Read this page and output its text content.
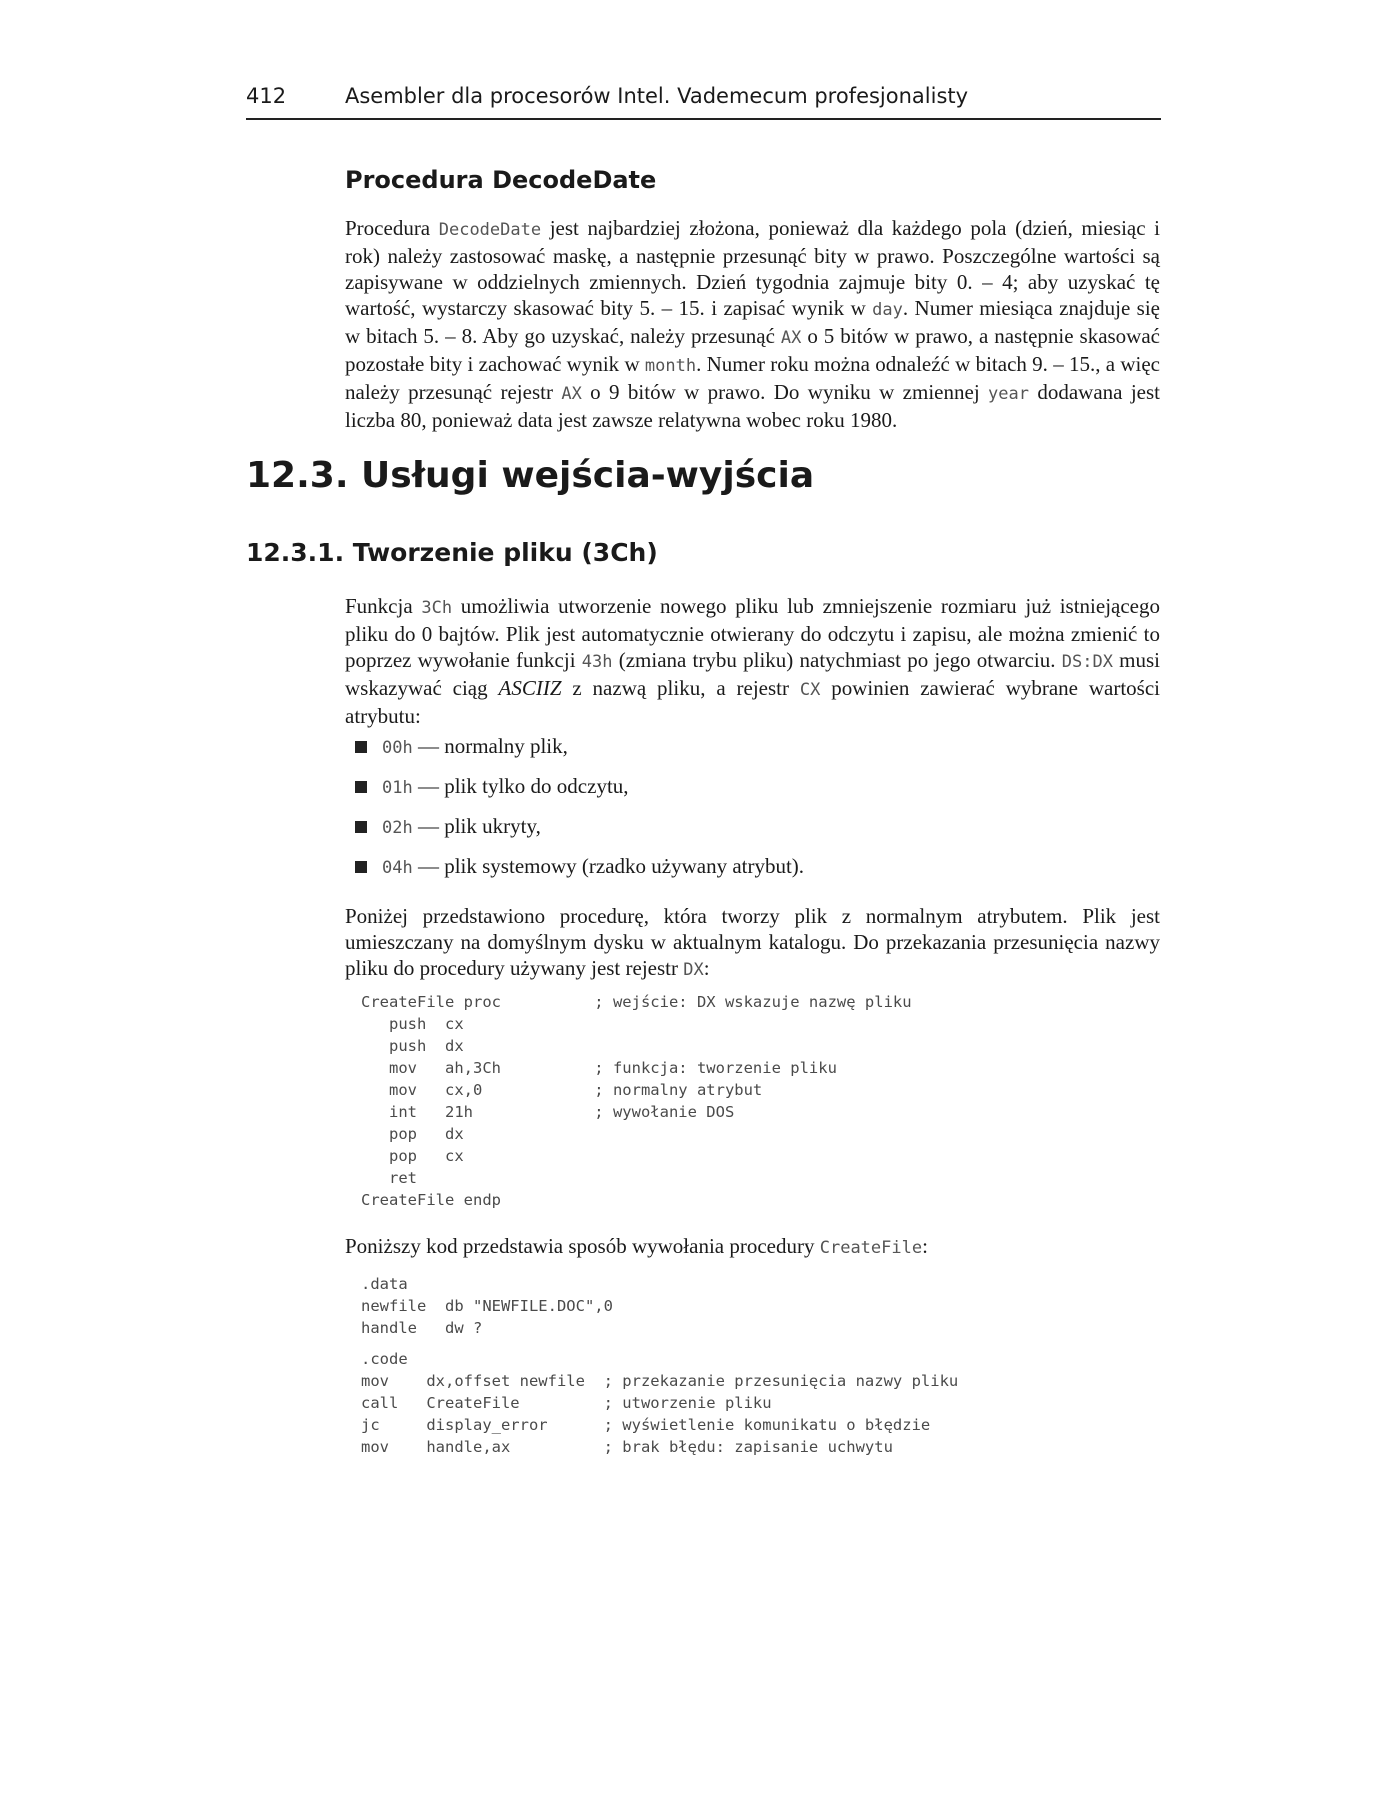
412	Asembler dla procesorów Intel. Vademecum profesjonalisty
Procedura DecodeDate

Procedura DecodeDate jest najbardziej złożona, ponieważ dla każdego pola (dzień, miesiąc i rok) należy zastosować maskę, a następnie przesunąć bity w prawo. Poszczególne wartości są zapisywane w oddzielnych zmiennych. Dzień tygodnia zajmuje bity 0. – 4; aby uzyskać tę wartość, wystarczy skasować bity 5. – 15. i zapisać wynik w day. Numer miesiąca znajduje się w bitach 5. – 8. Aby go uzyskać, należy przesunąć AX o 5 bitów w prawo, a następnie skasować pozostałe bity i zachować wynik w month. Numer roku można odnaleźć w bitach 9. – 15., a więc należy przesunąć rejestr AX o 9 bitów w prawo. Do wyniku w zmiennej year dodawana jest liczba 80, ponieważ data jest zawsze relatywna wobec roku 1980.

12.3. Usługi wejścia-wyjścia
12.3.1. Tworzenie pliku (3Ch)

Funkcja 3Ch umożliwia utworzenie nowego pliku lub zmniejszenie rozmiaru już istniejącego pliku do 0 bajtów. Plik jest automatycznie otwierany do odczytu i zapisu, ale można zmienić to poprzez wywołanie funkcji 43h (zmiana trybu pliku) natychmiast po jego otwarciu. DS:DX musi wskazywać ciąg ASCIIZ z nazwą pliku, a rejestr CX powinien zawierać wybrane wartości atrybutu:

00h — normalny plik,
01h — plik tylko do odczytu,
02h — plik ukryty,
04h — plik systemowy (rzadko używany atrybut).

Poniżej przedstawiono procedurę, która tworzy plik z normalnym atrybutem. Plik jest umieszczany na domyślnym dysku w aktualnym katalogu. Do przekazania przesunięcia nazwy pliku do procedury używany jest rejestr DX:

CreateFile proc          ; wejście: DX wskazuje nazwę pliku
push  cx
push  dx
mov   ah,3Ch          ; funkcja: tworzenie pliku
mov   cx,0            ; normalny atrybut
int   21h             ; wywołanie DOS
pop   dx
pop   cx
ret
CreateFile endp

Poniższy kod przedstawia sposób wywołania procedury CreateFile:

.data
newfile  db "NEWFILE.DOC",0
handle   dw ?
.code
mov    dx,offset newfile  ; przekazanie przesunięcia nazwy pliku
call   CreateFile         ; utworzenie pliku
jc     display_error      ; wyświetlenie komunikatu o błędzie
mov    handle,ax          ; brak błędu: zapisanie uchwytu
